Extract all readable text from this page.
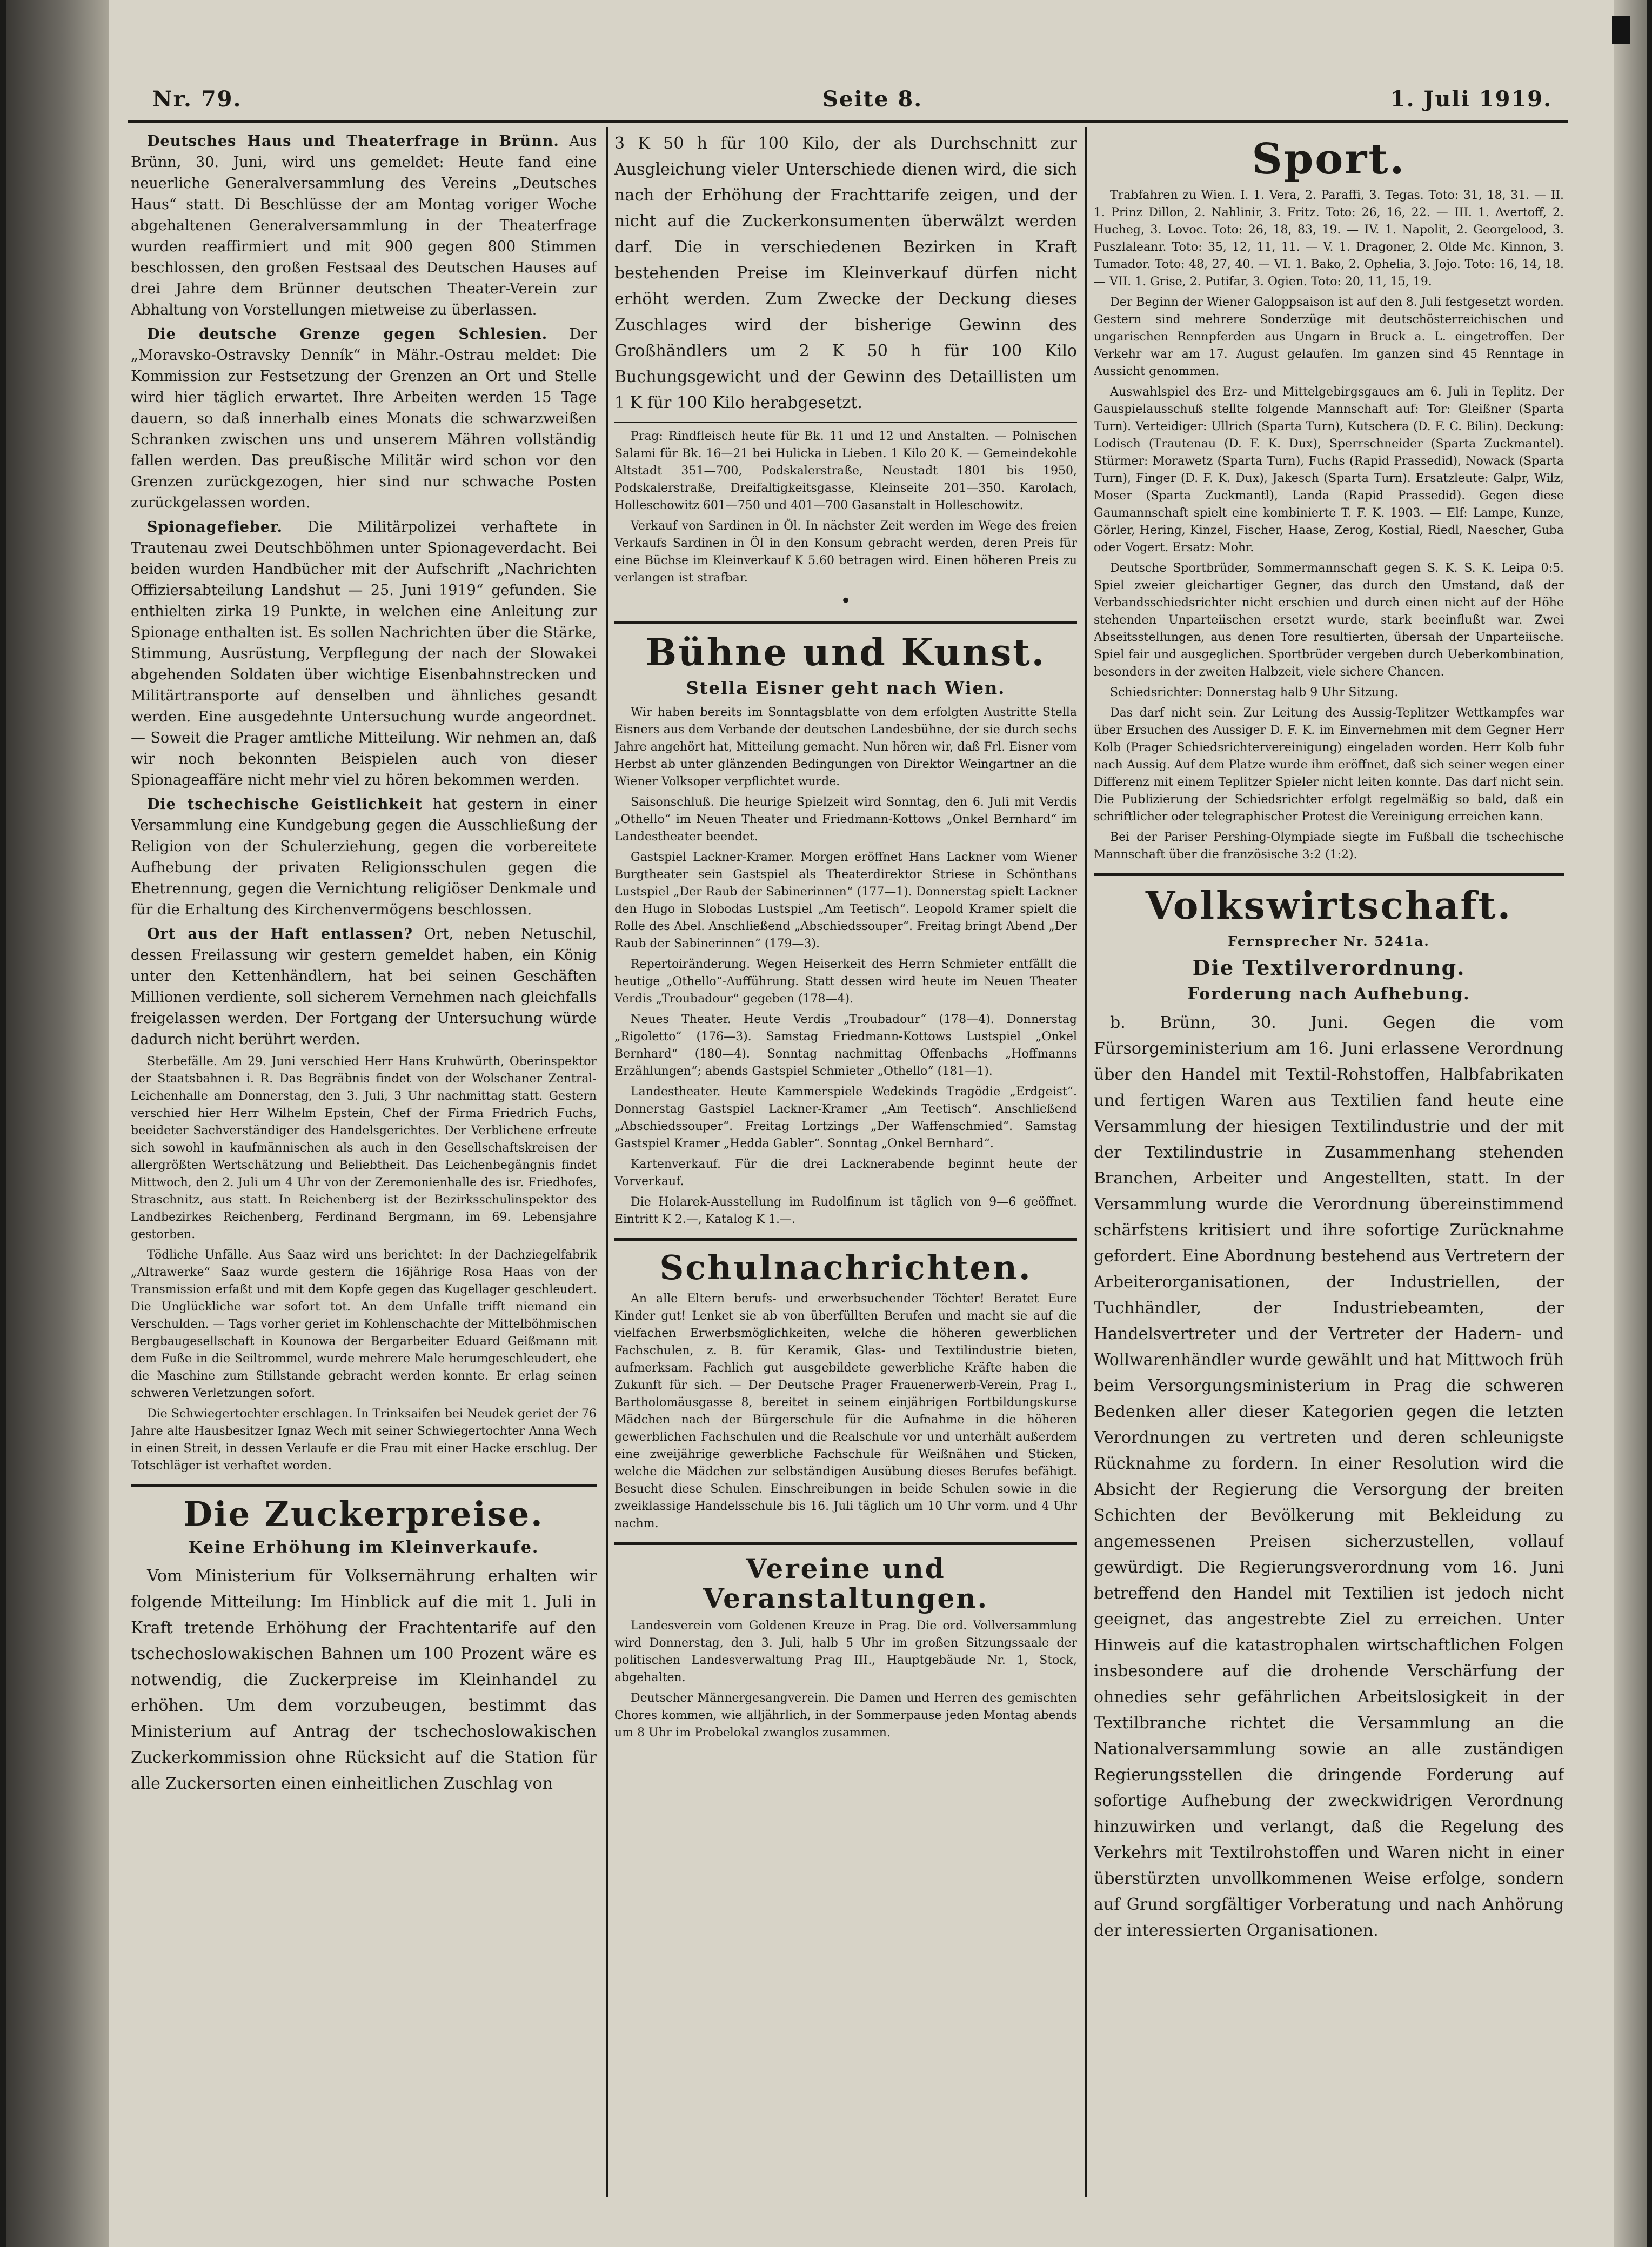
Nr. 79.	Seite 8.	1. Juli 1919.

Deutsches Haus und Theaterfrage in Brünn. Aus Brünn, 30. Juni, wird uns gemeldet: Heute fand eine neuerliche Generalversammlung des Vereins „Deutsches Haus“ statt. Di Beschlüsse der am Montag voriger Woche abgehaltenen Generalversammlung in der Theaterfrage wurden reaffirmiert und mit 900 gegen 800 Stimmen beschlossen, den großen Festsaal des Deutschen Hauses auf drei Jahre dem Brünner deutschen Theater-Verein zur Abhaltung von Vorstellungen mietweise zu überlassen.

Die deutsche Grenze gegen Schlesien. Der „Moravsko-Ostravsky Denník“ in Mähr.-Ostrau meldet: Die Kommission zur Festsetzung der Grenzen an Ort und Stelle wird hier täglich erwartet. Ihre Arbeiten werden 15 Tage dauern, so daß innerhalb eines Monats die schwarzweißen Schranken zwischen uns und unserem Mähren vollständig fallen werden. Das preußische Militär wird schon vor den Grenzen zurückgezogen, hier sind nur schwache Posten zurückgelassen worden.

Spionagefieber. Die Militärpolizei verhaftete in Trautenau zwei Deutschböhmen unter Spionageverdacht. Bei beiden wurden Handbücher mit der Aufschrift „Nachrichten Offiziersabteilung Landshut — 25. Juni 1919“ gefunden. Sie enthielten zirka 19 Punkte, in welchen eine Anleitung zur Spionage enthalten ist. Es sollen Nachrichten über die Stärke, Stimmung, Ausrüstung, Verpflegung der nach der Slowakei abgehenden Soldaten über wichtige Eisenbahnstrecken und Militärtransporte auf denselben und ähnliches gesandt werden. Eine ausgedehnte Untersuchung wurde angeordnet. — Soweit die Prager amtliche Mitteilung. Wir nehmen an, daß wir noch bekonnten Beispielen auch von dieser Spionageaffäre nicht mehr viel zu hören bekommen werden.

Die tschechische Geistlichkeit hat gestern in einer Versammlung eine Kundgebung gegen die Ausschließung der Religion von der Schulerziehung, gegen die vorbereitete Aufhebung der privaten Religionsschulen gegen die Ehetrennung, gegen die Vernichtung religiöser Denkmale und für die Erhaltung des Kirchenvermögens beschlossen.

Ort aus der Haft entlassen? Ort, neben Netuschil, dessen Freilassung wir gestern gemeldet haben, ein König unter den Kettenhändlern, hat bei seinen Geschäften Millionen verdiente, soll sicherem Vernehmen nach gleichfalls freigelassen werden. Der Fortgang der Untersuchung würde dadurch nicht berührt werden.

Sterbefälle. Am 29. Juni verschied Herr Hans Kruhwürth, Oberinspektor der Staatsbahnen i. R. Das Begräbnis findet von der Wolschaner Zentral-Leichenhalle am Donnerstag, den 3. Juli, 3 Uhr nachmittag statt. Gestern verschied hier Herr Wilhelm Epstein, Chef der Firma Friedrich Fuchs, beeideter Sachverständiger des Handelsgerichtes. Der Verblichene erfreute sich sowohl in kaufmännischen als auch in den Gesellschaftskreisen der allergrößten Wertschätzung und Beliebtheit. Das Leichenbegängnis findet Mittwoch, den 2. Juli um 4 Uhr von der Zeremonienhalle des isr. Friedhofes, Straschnitz, aus statt. In Reichenberg ist der Bezirksschulinspektor des Landbezirkes Reichenberg, Ferdinand Bergmann, im 69. Lebensjahre gestorben.

Tödliche Unfälle. Aus Saaz wird uns berichtet: In der Dachziegelfabrik „Altrawerke“ Saaz wurde gestern die 16jährige Rosa Haas von der Transmission erfaßt und mit dem Kopfe gegen das Kugellager geschleudert. Die Unglückliche war sofort tot. An dem Unfalle trifft niemand ein Verschulden. — Tags vorher geriet im Kohlenschachte der Mittelböhmischen Bergbaugesellschaft in Kounowa der Bergarbeiter Eduard Geißmann mit dem Fuße in die Seiltrommel, wurde mehrere Male herumgeschleudert, ehe die Maschine zum Stillstande gebracht werden konnte. Er erlag seinen schweren Verletzungen sofort.

Die Schwiegertochter erschlagen. In Trinksaifen bei Neudek geriet der 76 Jahre alte Hausbesitzer Ignaz Wech mit seiner Schwiegertochter Anna Wech in einen Streit, in dessen Verlaufe er die Frau mit einer Hacke erschlug. Der Totschläger ist verhaftet worden.

Die Zuckerpreise.
Keine Erhöhung im Kleinverkaufe.

Vom Ministerium für Volksernährung erhalten wir folgende Mitteilung: Im Hinblick auf die mit 1. Juli in Kraft tretende Erhöhung der Frachtentarife auf den tschechoslowakischen Bahnen um 100 Prozent wäre es notwendig, die Zuckerpreise im Kleinhandel zu erhöhen. Um dem vorzubeugen, bestimmt das Ministerium auf Antrag der tschechoslowakischen Zuckerkommission ohne Rücksicht auf die Station für alle Zuckersorten einen einheitlichen Zuschlag von

3 K 50 h für 100 Kilo, der als Durchschnitt zur Ausgleichung vieler Unterschiede dienen wird, die sich nach der Erhöhung der Frachttarife zeigen, und der nicht auf die Zuckerkonsumenten überwälzt werden darf. Die in verschiedenen Bezirken in Kraft bestehenden Preise im Kleinverkauf dürfen nicht erhöht werden. Zum Zwecke der Deckung dieses Zuschlages wird der bisherige Gewinn des Großhändlers um 2 K 50 h für 100 Kilo Buchungsgewicht und der Gewinn des Detaillisten um 1 K für 100 Kilo herabgesetzt.

Prag: Rindfleisch heute für Bk. 11 und 12 und Anstalten. — Polnischen Salami für Bk. 16—21 bei Hulicka in Lieben. 1 Kilo 20 K. — Gemeindekohle Altstadt 351—700, Podskalerstraße, Neustadt 1801 bis 1950, Podskalerstraße, Dreifaltigkeitsgasse, Kleinseite 201—350. Karolach, Holleschowitz 601—750 und 401—700 Gasanstalt in Holleschowitz.

Verkauf von Sardinen in Öl. In nächster Zeit werden im Wege des freien Verkaufs Sardinen in Öl in den Konsum gebracht werden, deren Preis für eine Büchse im Kleinverkauf K 5.60 betragen wird. Einen höheren Preis zu verlangen ist strafbar.

•
Bühne und Kunst.
Stella Eisner geht nach Wien.

Wir haben bereits im Sonntagsblatte von dem erfolgten Austritte Stella Eisners aus dem Verbande der deutschen Landesbühne, der sie durch sechs Jahre angehört hat, Mitteilung gemacht. Nun hören wir, daß Frl. Eisner vom Herbst ab unter glänzenden Bedingungen von Direktor Weingartner an die Wiener Volksoper verpflichtet wurde.

Saisonschluß. Die heurige Spielzeit wird Sonntag, den 6. Juli mit Verdis „Othello“ im Neuen Theater und Friedmann-Kottows „Onkel Bernhard“ im Landestheater beendet.

Gastspiel Lackner-Kramer. Morgen eröffnet Hans Lackner vom Wiener Burgtheater sein Gastspiel als Theaterdirektor Striese in Schönthans Lustspiel „Der Raub der Sabinerinnen“ (177—1). Donnerstag spielt Lackner den Hugo in Slobodas Lustspiel „Am Teetisch“. Leopold Kramer spielt die Rolle des Abel. Anschließend „Abschiedssouper“. Freitag bringt Abend „Der Raub der Sabinerinnen“ (179—3).

Repertoiränderung. Wegen Heiserkeit des Herrn Schmieter entfällt die heutige „Othello“-Aufführung. Statt dessen wird heute im Neuen Theater Verdis „Troubadour“ gegeben (178—4).

Neues Theater. Heute Verdis „Troubadour“ (178—4). Donnerstag „Rigoletto“ (176—3). Samstag Friedmann-Kottows Lustspiel „Onkel Bernhard“ (180—4). Sonntag nachmittag Offenbachs „Hoffmanns Erzählungen“; abends Gastspiel Schmieter „Othello“ (181—1).

Landestheater. Heute Kammerspiele Wedekinds Tragödie „Erdgeist“. Donnerstag Gastspiel Lackner-Kramer „Am Teetisch“. Anschließend „Abschiedssouper“. Freitag Lortzings „Der Waffenschmied“. Samstag Gastspiel Kramer „Hedda Gabler“. Sonntag „Onkel Bernhard“.

Kartenverkauf. Für die drei Lacknerabende beginnt heute der Vorverkauf.

Die Holarek-Ausstellung im Rudolfinum ist täglich von 9—6 geöffnet. Eintritt K 2.—, Katalog K 1.—.

Schulnachrichten.

An alle Eltern berufs- und erwerbsuchender Töchter! Beratet Eure Kinder gut! Lenket sie ab von überfüllten Berufen und macht sie auf die vielfachen Erwerbsmöglichkeiten, welche die höheren gewerblichen Fachschulen, z. B. für Keramik, Glas- und Textilindustrie bieten, aufmerksam. Fachlich gut ausgebildete gewerbliche Kräfte haben die Zukunft für sich. — Der Deutsche Prager Frauenerwerb-Verein, Prag I., Bartholomäusgasse 8, bereitet in seinem einjährigen Fortbildungskurse Mädchen nach der Bürgerschule für die Aufnahme in die höheren gewerblichen Fachschulen und die Realschule vor und unterhält außerdem eine zweijährige gewerbliche Fachschule für Weißnähen und Sticken, welche die Mädchen zur selbständigen Ausübung dieses Berufes befähigt. Besucht diese Schulen. Einschreibungen in beide Schulen sowie in die zweiklassige Handelsschule bis 16. Juli täglich um 10 Uhr vorm. und 4 Uhr nachm.

Vereine und Veranstaltungen.

Landesverein vom Goldenen Kreuze in Prag. Die ord. Vollversammlung wird Donnerstag, den 3. Juli, halb 5 Uhr im großen Sitzungssaale der politischen Landesverwaltung Prag III., Hauptgebäude Nr. 1, Stock, abgehalten.

Deutscher Männergesangverein. Die Damen und Herren des gemischten Chores kommen, wie alljährlich, in der Sommerpause jeden Montag abends um 8 Uhr im Probelokal zwanglos zusammen.

Sport.

Trabfahren zu Wien. I. 1. Vera, 2. Paraffi, 3. Tegas. Toto: 31, 18, 31. — II. 1. Prinz Dillon, 2. Nahlinir, 3. Fritz. Toto: 26, 16, 22. — III. 1. Avertoff, 2. Hucheg, 3. Lovoc. Toto: 26, 18, 83, 19. — IV. 1. Napolit, 2. Georgelood, 3. Puszlaleanr. Toto: 35, 12, 11, 11. — V. 1. Dragoner, 2. Olde Mc. Kinnon, 3. Tumador. Toto: 48, 27, 40. — VI. 1. Bako, 2. Ophelia, 3. Jojo. Toto: 16, 14, 18. — VII. 1. Grise, 2. Putifar, 3. Ogien. Toto: 20, 11, 15, 19.

Der Beginn der Wiener Galoppsaison ist auf den 8. Juli festgesetzt worden. Gestern sind mehrere Sonderzüge mit deutschösterreichischen und ungarischen Rennpferden aus Ungarn in Bruck a. L. eingetroffen. Der Verkehr war am 17. August gelaufen. Im ganzen sind 45 Renntage in Aussicht genommen.

Auswahlspiel des Erz- und Mittelgebirgsgaues am 6. Juli in Teplitz. Der Gauspielausschuß stellte folgende Mannschaft auf: Tor: Gleißner (Sparta Turn). Verteidiger: Ullrich (Sparta Turn), Kutschera (D. F. C. Bilin). Deckung: Lodisch (Trautenau (D. F. K. Dux), Sperrschneider (Sparta Zuckmantel). Stürmer: Morawetz (Sparta Turn), Fuchs (Rapid Prassedid), Nowack (Sparta Turn), Finger (D. F. K. Dux), Jakesch (Sparta Turn). Ersatzleute: Galpr, Wilz, Moser (Sparta Zuckmantl), Landa (Rapid Prassedid). Gegen diese Gaumannschaft spielt eine kombinierte T. F. K. 1903. — Elf: Lampe, Kunze, Görler, Hering, Kinzel, Fischer, Haase, Zerog, Kostial, Riedl, Naescher, Guba oder Vogert. Ersatz: Mohr.

Deutsche Sportbrüder, Sommermannschaft gegen S. K. S. K. Leipa 0:5. Spiel zweier gleichartiger Gegner, das durch den Umstand, daß der Verbandsschiedsrichter nicht erschien und durch einen nicht auf der Höhe stehenden Unparteiischen ersetzt wurde, stark beeinflußt war. Zwei Abseitsstellungen, aus denen Tore resultierten, übersah der Unparteiische. Spiel fair und ausgeglichen. Sportbrüder vergeben durch Ueberkombination, besonders in der zweiten Halbzeit, viele sichere Chancen.

Schiedsrichter: Donnerstag halb 9 Uhr Sitzung.

Das darf nicht sein. Zur Leitung des Aussig-Teplitzer Wettkampfes war über Ersuchen des Aussiger D. F. K. im Einvernehmen mit dem Gegner Herr Kolb (Prager Schiedsrichtervereinigung) eingeladen worden. Herr Kolb fuhr nach Aussig. Auf dem Platze wurde ihm eröffnet, daß sich seiner wegen einer Differenz mit einem Teplitzer Spieler nicht leiten konnte. Das darf nicht sein. Die Publizierung der Schiedsrichter erfolgt regelmäßig so bald, daß ein schriftlicher oder telegraphischer Protest die Vereinigung erreichen kann.

Bei der Pariser Pershing-Olympiade siegte im Fußball die tschechische Mannschaft über die französische 3:2 (1:2).

Volkswirtschaft.
Fernsprecher Nr. 5241a.
Die Textilverordnung.
Forderung nach Aufhebung.

b. Brünn, 30. Juni. Gegen die vom Fürsorgeministerium am 16. Juni erlassene Verordnung über den Handel mit Textil-Rohstoffen, Halbfabrikaten und fertigen Waren aus Textilien fand heute eine Versammlung der hiesigen Textilindustrie und der mit der Textilindustrie in Zusammenhang stehenden Branchen, Arbeiter und Angestellten, statt. In der Versammlung wurde die Verordnung übereinstimmend schärfstens kritisiert und ihre sofortige Zurücknahme gefordert. Eine Abordnung bestehend aus Vertretern der Arbeiterorganisationen, der Industriellen, der Tuchhändler, der Industriebeamten, der Handelsvertreter und der Vertreter der Hadern- und Wollwarenhändler wurde gewählt und hat Mittwoch früh beim Versorgungsministerium in Prag die schweren Bedenken aller dieser Kategorien gegen die letzten Verordnungen zu vertreten und deren schleunigste Rücknahme zu fordern. In einer Resolution wird die Absicht der Regierung die Versorgung der breiten Schichten der Bevölkerung mit Bekleidung zu angemessenen Preisen sicherzustellen, vollauf gewürdigt. Die Regierungsverordnung vom 16. Juni betreffend den Handel mit Textilien ist jedoch nicht geeignet, das angestrebte Ziel zu erreichen. Unter Hinweis auf die katastrophalen wirtschaftlichen Folgen insbesondere auf die drohende Verschärfung der ohnedies sehr gefährlichen Arbeitslosigkeit in der Textilbranche richtet die Versammlung an die Nationalversammlung sowie an alle zuständigen Regierungsstellen die dringende Forderung auf sofortige Aufhebung der zweckwidrigen Verordnung hinzuwirken und verlangt, daß die Regelung des Verkehrs mit Textilrohstoffen und Waren nicht in einer überstürzten unvollkommenen Weise erfolge, sondern auf Grund sorgfältiger Vorberatung und nach Anhörung der interessierten Organisationen.
